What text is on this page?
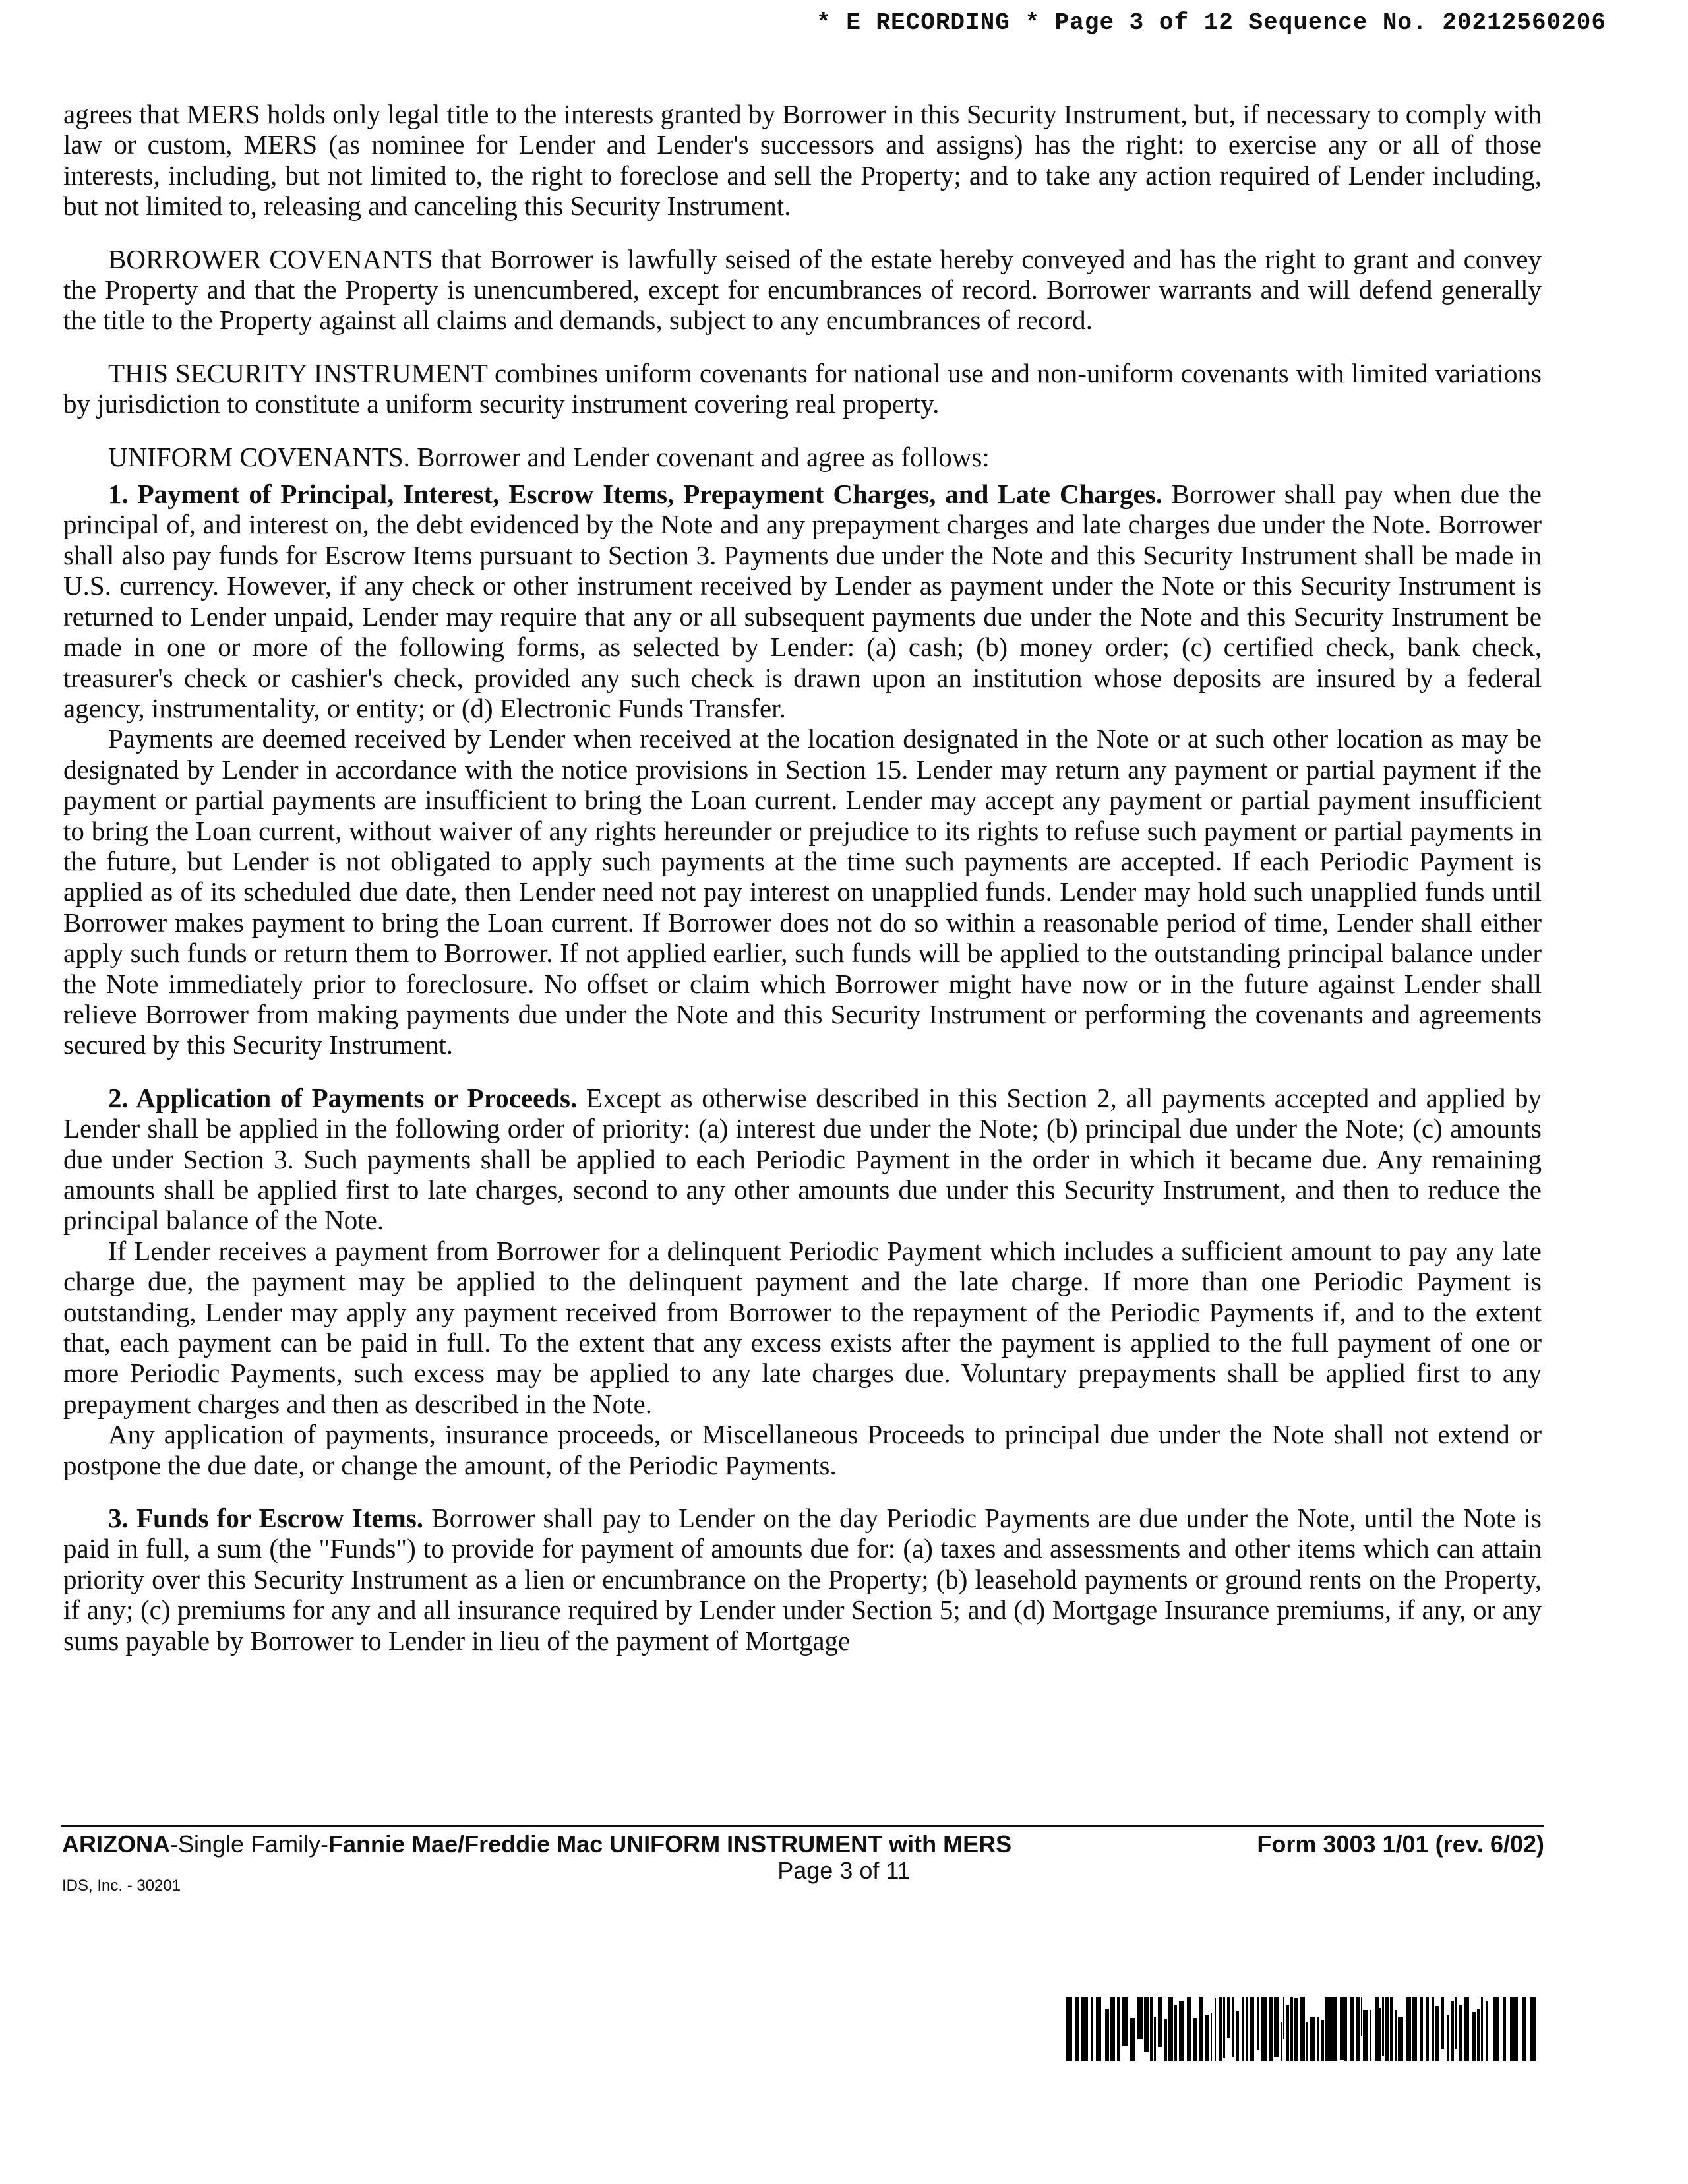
* E RECORDING * Page 3 of 12 Sequence No. 20212560206

agrees that MERS holds only legal title to the interests granted by Borrower in this Security Instrument, but, if necessary to comply with law or custom, MERS (as nominee for Lender and Lender's successors and assigns) has the right: to exercise any or all of those interests, including, but not limited to, the right to foreclose and sell the Property; and to take any action required of Lender including, but not limited to, releasing and canceling this Security Instrument.

BORROWER COVENANTS that Borrower is lawfully seised of the estate hereby conveyed and has the right to grant and convey the Property and that the Property is unencumbered, except for encumbrances of record. Borrower warrants and will defend generally the title to the Property against all claims and demands, subject to any encumbrances of record.

THIS SECURITY INSTRUMENT combines uniform covenants for national use and non-uniform covenants with limited variations by jurisdiction to constitute a uniform security instrument covering real property.

UNIFORM COVENANTS. Borrower and Lender covenant and agree as follows:

1. Payment of Principal, Interest, Escrow Items, Prepayment Charges, and Late Charges. Borrower shall pay when due the principal of, and interest on, the debt evidenced by the Note and any prepayment charges and late charges due under the Note. Borrower shall also pay funds for Escrow Items pursuant to Section 3. Payments due under the Note and this Security Instrument shall be made in U.S. currency. However, if any check or other instrument received by Lender as payment under the Note or this Security Instrument is returned to Lender unpaid, Lender may require that any or all subsequent payments due under the Note and this Security Instrument be made in one or more of the following forms, as selected by Lender: (a) cash; (b) money order; (c) certified check, bank check, treasurer's check or cashier's check, provided any such check is drawn upon an institution whose deposits are insured by a federal agency, instrumentality, or entity; or (d) Electronic Funds Transfer.

Payments are deemed received by Lender when received at the location designated in the Note or at such other location as may be designated by Lender in accordance with the notice provisions in Section 15. Lender may return any payment or partial payment if the payment or partial payments are insufficient to bring the Loan current. Lender may accept any payment or partial payment insufficient to bring the Loan current, without waiver of any rights hereunder or prejudice to its rights to refuse such payment or partial payments in the future, but Lender is not obligated to apply such payments at the time such payments are accepted. If each Periodic Payment is applied as of its scheduled due date, then Lender need not pay interest on unapplied funds. Lender may hold such unapplied funds until Borrower makes payment to bring the Loan current. If Borrower does not do so within a reasonable period of time, Lender shall either apply such funds or return them to Borrower. If not applied earlier, such funds will be applied to the outstanding principal balance under the Note immediately prior to foreclosure. No offset or claim which Borrower might have now or in the future against Lender shall relieve Borrower from making payments due under the Note and this Security Instrument or performing the covenants and agreements secured by this Security Instrument.

2. Application of Payments or Proceeds. Except as otherwise described in this Section 2, all payments accepted and applied by Lender shall be applied in the following order of priority: (a) interest due under the Note; (b) principal due under the Note; (c) amounts due under Section 3. Such payments shall be applied to each Periodic Payment in the order in which it became due. Any remaining amounts shall be applied first to late charges, second to any other amounts due under this Security Instrument, and then to reduce the principal balance of the Note.

If Lender receives a payment from Borrower for a delinquent Periodic Payment which includes a sufficient amount to pay any late charge due, the payment may be applied to the delinquent payment and the late charge. If more than one Periodic Payment is outstanding, Lender may apply any payment received from Borrower to the repayment of the Periodic Payments if, and to the extent that, each payment can be paid in full. To the extent that any excess exists after the payment is applied to the full payment of one or more Periodic Payments, such excess may be applied to any late charges due. Voluntary prepayments shall be applied first to any prepayment charges and then as described in the Note.

Any application of payments, insurance proceeds, or Miscellaneous Proceeds to principal due under the Note shall not extend or postpone the due date, or change the amount, of the Periodic Payments.

3. Funds for Escrow Items. Borrower shall pay to Lender on the day Periodic Payments are due under the Note, until the Note is paid in full, a sum (the "Funds") to provide for payment of amounts due for: (a) taxes and assessments and other items which can attain priority over this Security Instrument as a lien or encumbrance on the Property; (b) leasehold payments or ground rents on the Property, if any; (c) premiums for any and all insurance required by Lender under Section 5; and (d) Mortgage Insurance premiums, if any, or any sums payable by Borrower to Lender in lieu of the payment of Mortgage

ARIZONA-Single Family-Fannie Mae/Freddie Mac UNIFORM INSTRUMENT with MERS	Form 3003 1/01 (rev. 6/02)
Page 3 of 11
IDS, Inc. - 30201
